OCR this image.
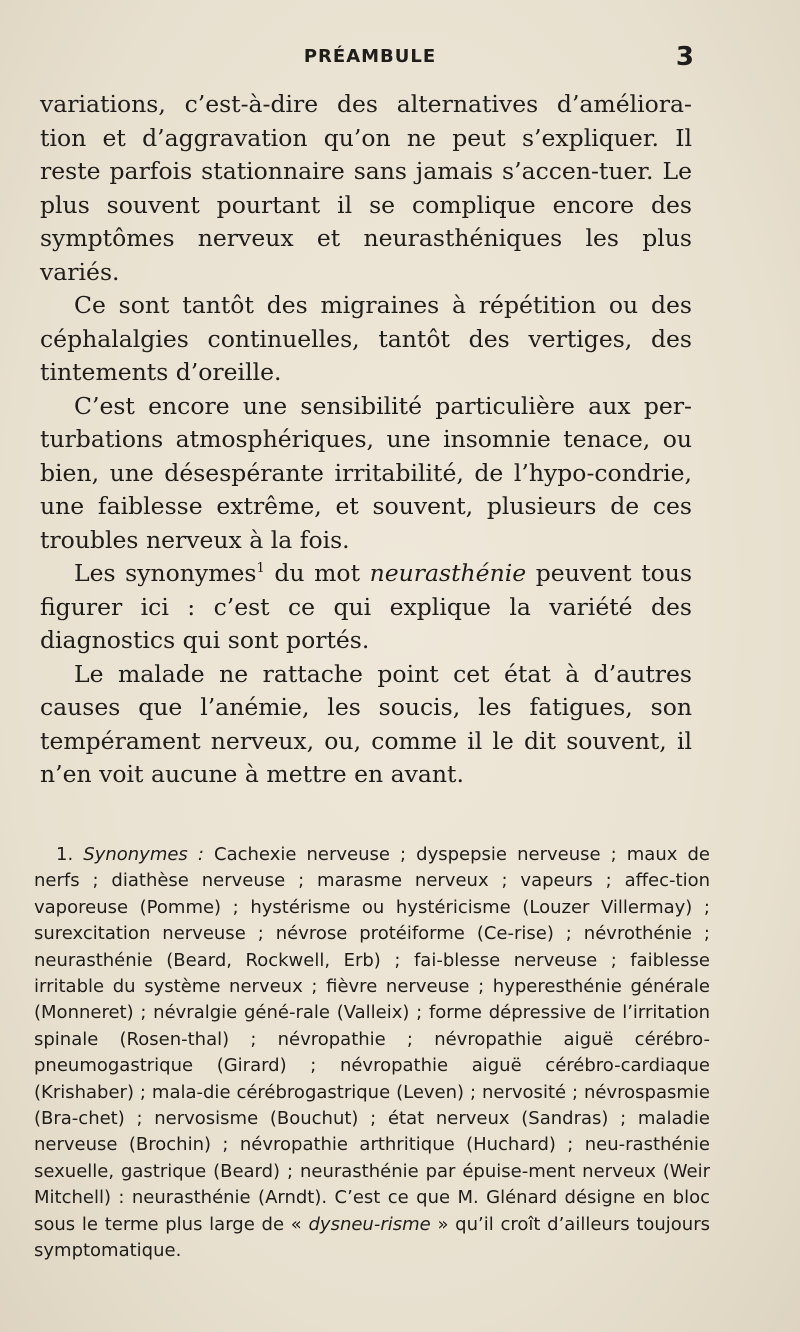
PRÉAMBULE	3

variations, c’est-à-dire des alternatives d’améliora-tion et d’aggravation qu’on ne peut s’expliquer. Il reste parfois stationnaire sans jamais s’accen-tuer. Le plus souvent pourtant il se complique encore des symptômes nerveux et neurasthéniques les plus variés.

Ce sont tantôt des migraines à répétition ou des céphalalgies continuelles, tantôt des vertiges, des tintements d’oreille.

C’est encore une sensibilité particulière aux per-turbations atmosphériques, une insomnie tenace, ou bien, une désespérante irritabilité, de l’hypo-condrie, une faiblesse extrême, et souvent, plusieurs de ces troubles nerveux à la fois.

Les synonymes$^1$ du mot neurasthénie peuvent tous figurer ici : c’est ce qui explique la variété des diagnostics qui sont portés.

Le malade ne rattache point cet état à d’autres causes que l’anémie, les soucis, les fatigues, son tempérament nerveux, ou, comme il le dit souvent, il n’en voit aucune à mettre en avant.

1. Synonymes : Cachexie nerveuse ; dyspepsie nerveuse ; maux de nerfs ; diathèse nerveuse ; marasme nerveux ; vapeurs ; affec-tion vaporeuse (Pomme) ; hystérisme ou hystéricisme (Louzer Villermay) ; surexcitation nerveuse ; névrose protéiforme (Ce-rise) ; névrothénie ; neurasthénie (Beard, Rockwell, Erb) ; fai-blesse nerveuse ; faiblesse irritable du système nerveux ; fièvre nerveuse ; hyperesthénie générale (Monneret) ; névralgie géné-rale (Valleix) ; forme dépressive de l’irritation spinale (Rosen-thal) ; névropathie ; névropathie aiguë cérébro-pneumogastrique (Girard) ; névropathie aiguë cérébro-cardiaque (Krishaber) ; mala-die cérébrogastrique (Leven) ; nervosité ; névrospasmie (Bra-chet) ; nervosisme (Bouchut) ; état nerveux (Sandras) ; maladie nerveuse (Brochin) ; névropathie arthritique (Huchard) ; neu-rasthénie sexuelle, gastrique (Beard) ; neurasthénie par épuise-ment nerveux (Weir Mitchell) : neurasthénie (Arndt). C’est ce que M. Glénard désigne en bloc sous le terme plus large de « dysneu-risme » qu’il croît d’ailleurs toujours symptomatique.
